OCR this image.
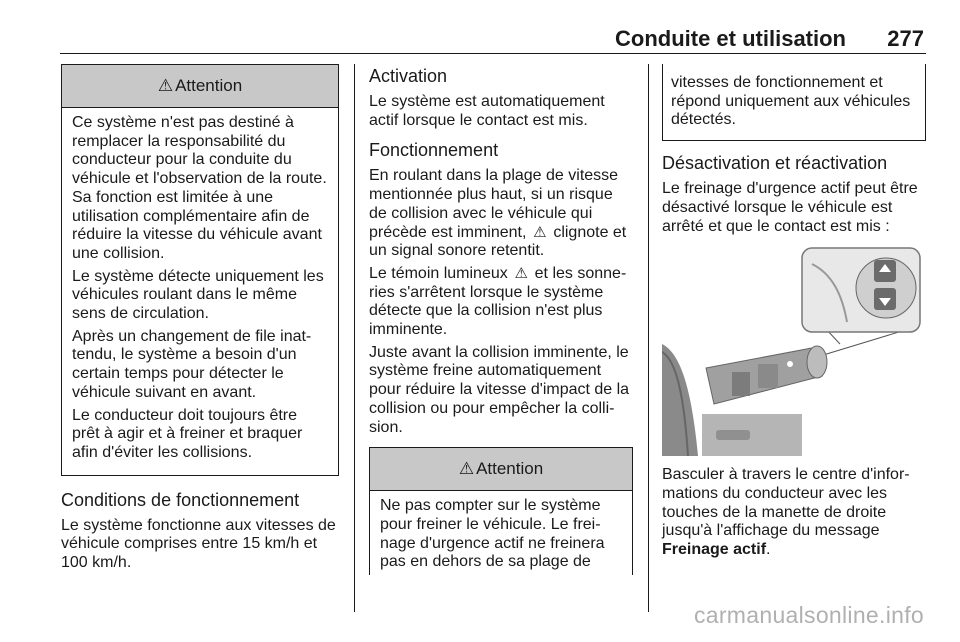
Conduite et utilisation 277
⚠ Attention

Ce système n'est pas destiné à remplacer la responsabilité du conducteur pour la conduite du véhicule et l'observation de la route. Sa fonction est limitée à une utilisation complémentaire afin de réduire la vitesse du véhicule avant une collision.

Le système détecte uniquement les véhicules roulant dans le même sens de circulation.

Après un changement de file inat-tendu, le système a besoin d'un certain temps pour détecter le véhicule suivant en avant.

Le conducteur doit toujours être prêt à agir et à freiner et braquer afin d'éviter les collisions.

Conditions de fonctionnement

Le système fonctionne aux vitesses de véhicule comprises entre 15 km/h et 100 km/h.

Activation

Le système est automatiquement actif lorsque le contact est mis.

Fonctionnement

En roulant dans la plage de vitesse mentionnée plus haut, si un risque de collision avec le véhicule qui précède est imminent, ⚠ clignote et un signal sonore retentit.

Le témoin lumineux ⚠ et les sonne-ries s'arrêtent lorsque le système détecte que la collision n'est plus imminente.

Juste avant la collision imminente, le système freine automatiquement pour réduire la vitesse d'impact de la collision ou pour empêcher la colli-sion.

⚠ Attention

Ne pas compter sur le système pour freiner le véhicule. Le frei-nage d'urgence actif ne freinera pas en dehors de sa plage de

vitesses de fonctionnement et répond uniquement aux véhicules détectés.

Désactivation et réactivation

Le freinage d'urgence actif peut être désactivé lorsque le véhicule est arrêté et que le contact est mis :

Basculer à travers le centre d'infor-mations du conducteur avec les touches de la manette de droite jusqu'à l'affichage du message Freinage actif.

carmanualsonline.info
